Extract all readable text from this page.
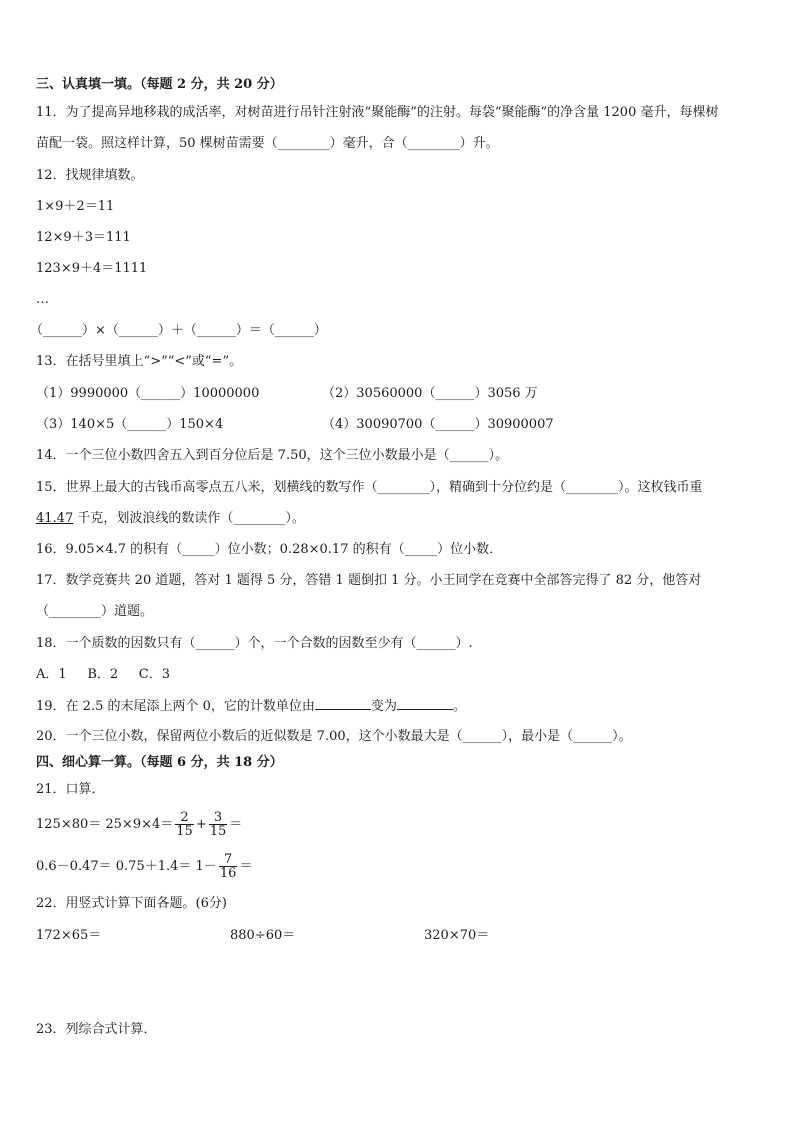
三、认真填一填。（每题 2 分，共 20 分）
11．为了提高异地移栽的成活率，对树苗进行吊针注射液“聚能酶”的注射。每袋“聚能酶”的净含量 1200 毫升，每棵树
苗配一袋。照这样计算，50 棵树苗需要（________）毫升，合（________）升。
12．找规律填数。
1×9＋2＝11
12×9＋3＝111
123×9＋4＝1111
…
（______）×（______）＋（______）＝（______）
13．在括号里填上“>”“<”或“=”。
（1）9990000（______）10000000	（2）30560000（______）3056 万
（3）140×5（______）150×4	（4）30090700（______）30900007
14．一个三位小数四舍五入到百分位后是 7.50，这个三位小数最小是（______）。
15．世界上最大的古钱币高零点五八米，划横线的数写作（________），精确到十分位约是（________）。这枚钱币重
41.47 千克，划波浪线的数读作（________）。
16．9.05×4.7 的积有（_____）位小数；0.28×0.17 的积有（_____）位小数．
17．数学竞赛共 20 道题，答对 1 题得 5 分，答错 1 题倒扣 1 分。小王同学在竞赛中全部答完得了 82 分，他答对
（________）道题。
18．一个质数的因数只有（______）个，一个合数的因数至少有（______）.
A．1     B．2     C．3
19．在 2.5 的末尾添上两个 0，它的计数单位由	变为	。
20．一个三位小数，保留两位小数后的近似数是 7.00，这个小数最大是（______），最小是（______）。
四、细心算一算。（每题 6 分，共 18 分）
21．口算．
$125\times 80= 25\times 9\times 4= \frac{2}{15} + \frac{3}{15}$ ＝
$0.6-0.47= 0.75+1.4= 1- \frac{7}{16}$ ＝
22．用竖式计算下面各题。(6分)
172×65＝	880÷60＝	320×70＝
23．列综合式计算．
